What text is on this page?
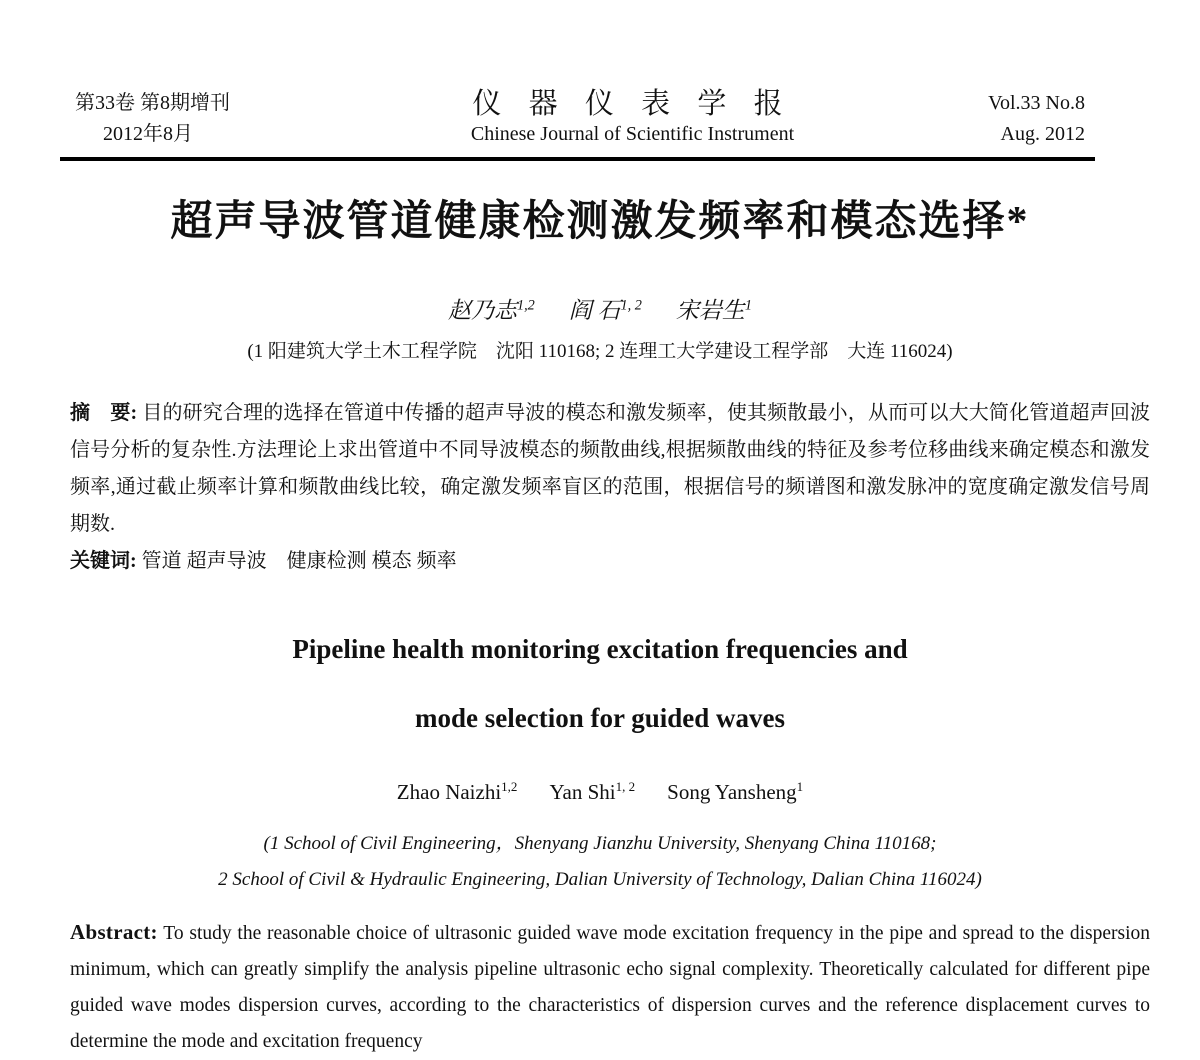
第33卷 第8期增刊
2012年8月
仪 器 仪 表 学 报
Chinese Journal of Scientific Instrument
Vol.33 No.8
Aug. 2012
超声导波管道健康检测激发频率和模态选择*
赵乃志$^{1,2}$ 阎 石$^{1, 2}$ 宋岩生$^1$
(1 阳建筑大学土木工程学院　沈阳 110168; 2 连理工大学建设工程学部　大连 116024)

摘　要: 目的研究合理的选择在管道中传播的超声导波的模态和激发频率，使其频散最小，从而可以大大简化管道超声回波信号分析的复杂性.方法理论上求出管道中不同导波模态的频散曲线,根据频散曲线的特征及参考位移曲线来确定模态和激发频率,通过截止频率计算和频散曲线比较，确定激发频率盲区的范围，根据信号的频谱图和激发脉冲的宽度确定激发信号周期数.

关键词: 管道 超声导波　健康检测 模态 频率

Pipeline health monitoring excitation frequencies and
mode selection for guided waves
Zhao Naizhi$^{1,2}$ Yan Shi$^{1, 2}$ Song Yansheng$^1$
(1 School of Civil Engineering，Shenyang Jianzhu University, Shenyang China 110168;
2 School of Civil & Hydraulic Engineering, Dalian University of Technology, Dalian China 116024)

Abstract: To study the reasonable choice of ultrasonic guided wave mode excitation frequency in the pipe and spread to the dispersion minimum, which can greatly simplify the analysis pipeline ultrasonic echo signal complexity. Theoretically calculated for different pipe guided wave modes dispersion curves, according to the characteristics of dispersion curves and the reference displacement curves to determine the mode and excitation frequency
